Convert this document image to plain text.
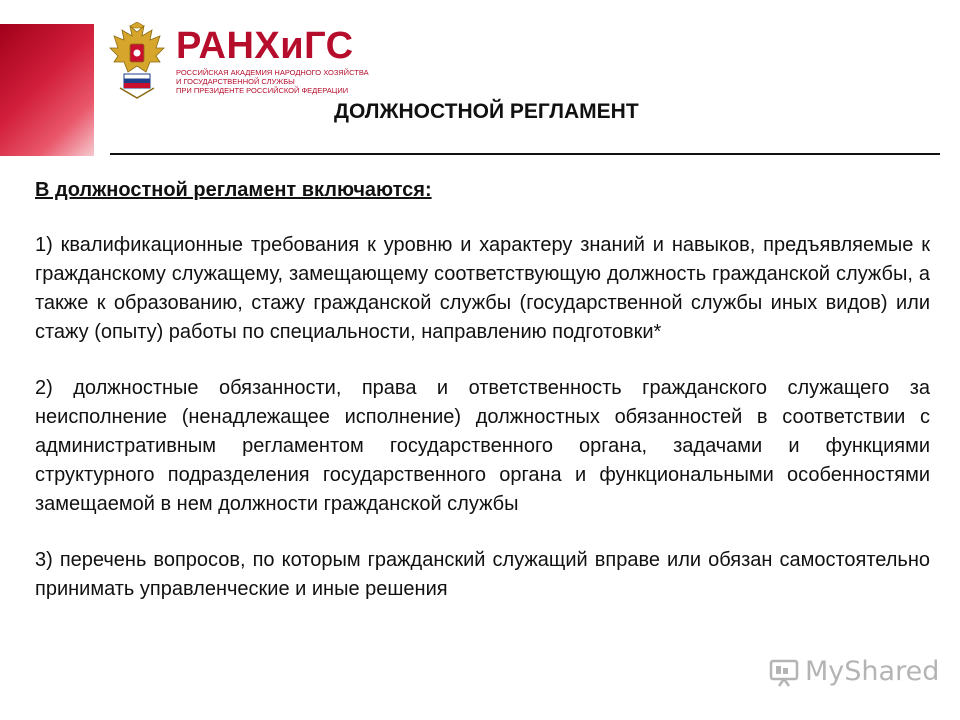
РАНХиГС
РОССИЙСКАЯ АКАДЕМИЯ НАРОДНОГО ХОЗЯЙСТВА
И ГОСУДАРСТВЕННОЙ СЛУЖБЫ
ПРИ ПРЕЗИДЕНТЕ РОССИЙСКОЙ ФЕДЕРАЦИИ
ДОЛЖНОСТНОЙ РЕГЛАМЕНТ
В должностной регламент включаются:
1) квалификационные требования к уровню и характеру знаний и навыков, предъявляемые к гражданскому служащему, замещающему соответствующую должность гражданской службы, а также к образованию, стажу гражданской службы (государственной службы иных видов) или стажу (опыту) работы по специальности, направлению подготовки*
2) должностные обязанности, права и ответственность гражданского служащего за неисполнение (ненадлежащее исполнение) должностных обязанностей в соответствии с административным регламентом государственного органа, задачами и функциями структурного подразделения государственного органа и функциональными особенностями замещаемой в нем должности гражданской службы
3) перечень вопросов, по которым гражданский служащий вправе или обязан самостоятельно принимать управленческие и иные решения
MyShared
